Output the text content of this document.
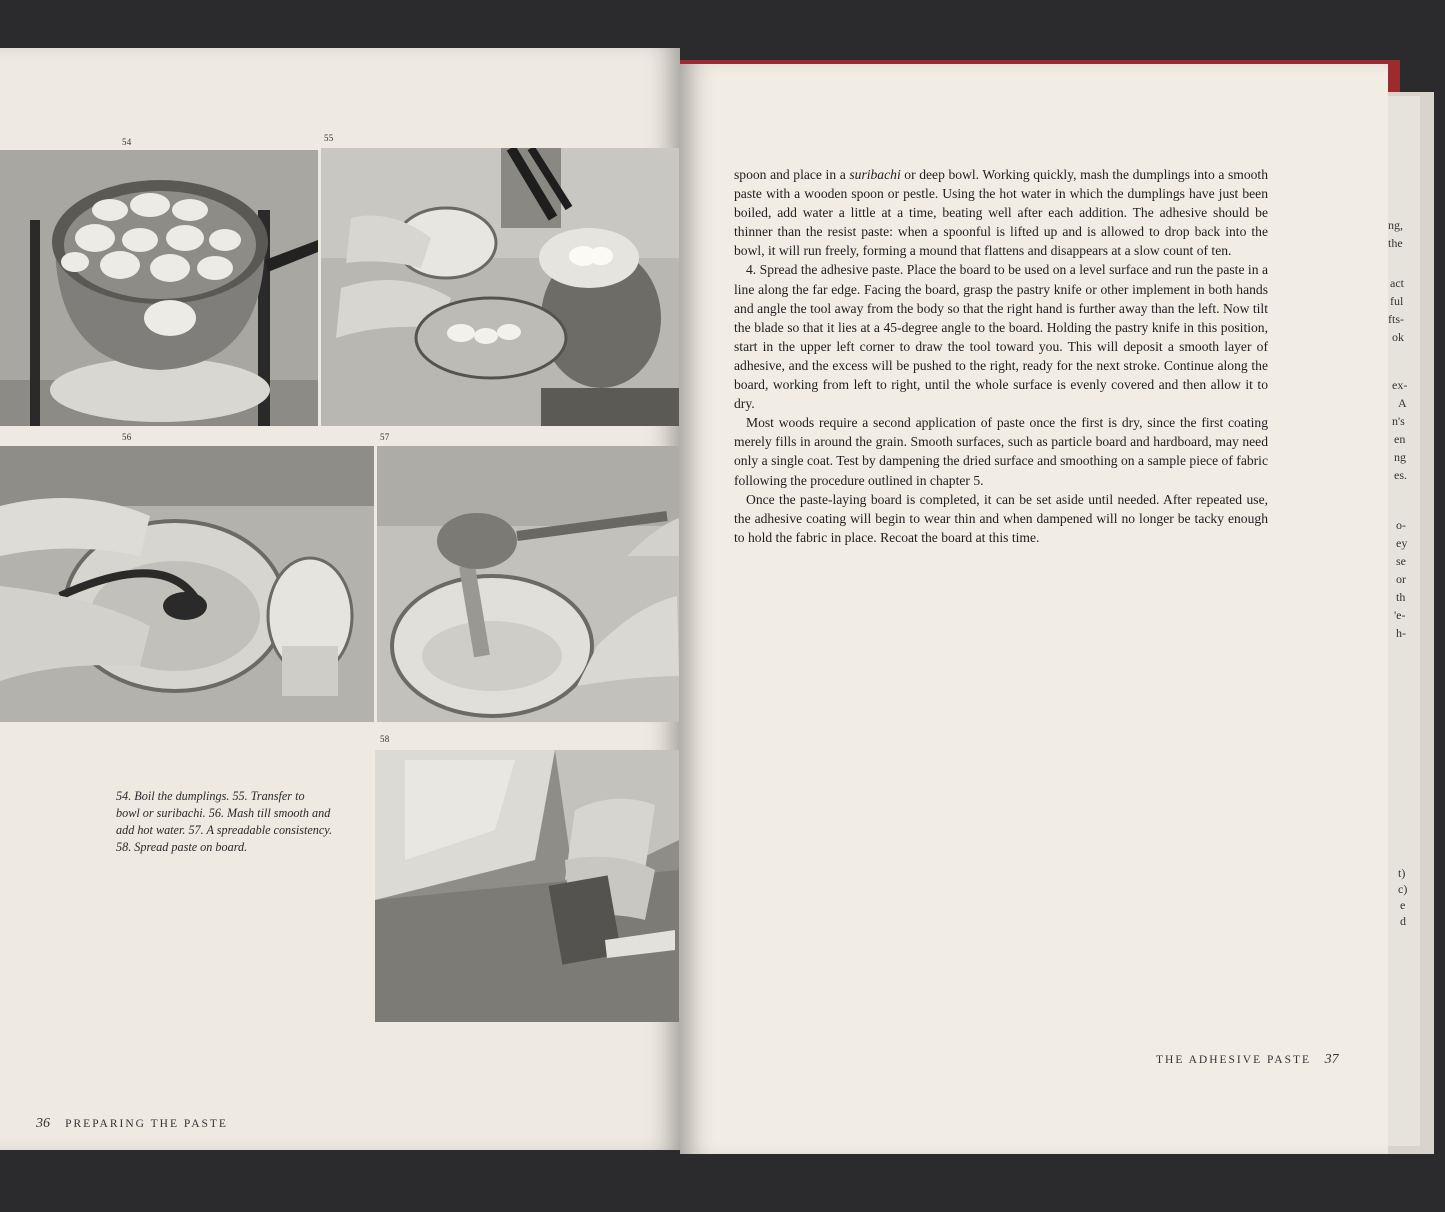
ng,
the
act
ful
fts-
ok
ex-
A
n's
en
ng
es.
o-
ey
se
or
th
'e-
h-
t)
c)
e
d
54	55
56	57
58

54. Boil the dumplings. 55. Transfer to

bowl or suribachi. 56. Mash till smooth and

add hot water. 57. A spreadable consistency.

58. Spread paste on board.

36 PREPARING THE PASTE

spoon and place in a suribachi or deep bowl. Working quickly, mash the dumplings into a smooth paste with a wooden spoon or pestle. Using the hot water in which the dumplings have just been boiled, add water a little at a time, beating well after each addition. The adhesive should be thinner than the resist paste: when a spoonful is lifted up and is allowed to drop back into the bowl, it will run freely, forming a mound that flattens and disappears at a slow count of ten.

4. Spread the adhesive paste. Place the board to be used on a level surface and run the paste in a line along the far edge. Facing the board, grasp the pastry knife or other implement in both hands and angle the tool away from the body so that the right hand is further away than the left. Now tilt the blade so that it lies at a 45-degree angle to the board. Holding the pastry knife in this position, start in the upper left corner to draw the tool toward you. This will deposit a smooth layer of adhesive, and the excess will be pushed to the right, ready for the next stroke. Continue along the board, working from left to right, until the whole surface is evenly covered and then allow it to dry.

Most woods require a second application of paste once the first is dry, since the first coating merely fills in around the grain. Smooth surfaces, such as particle board and hardboard, may need only a single coat. Test by dampening the dried surface and smoothing on a sample piece of fabric following the procedure outlined in chapter 5.

Once the paste-laying board is completed, it can be set aside until needed. After repeated use, the adhesive coating will begin to wear thin and when dampened will no longer be tacky enough to hold the fabric in place. Recoat the board at this time.

THE ADHESIVE PASTE 37
